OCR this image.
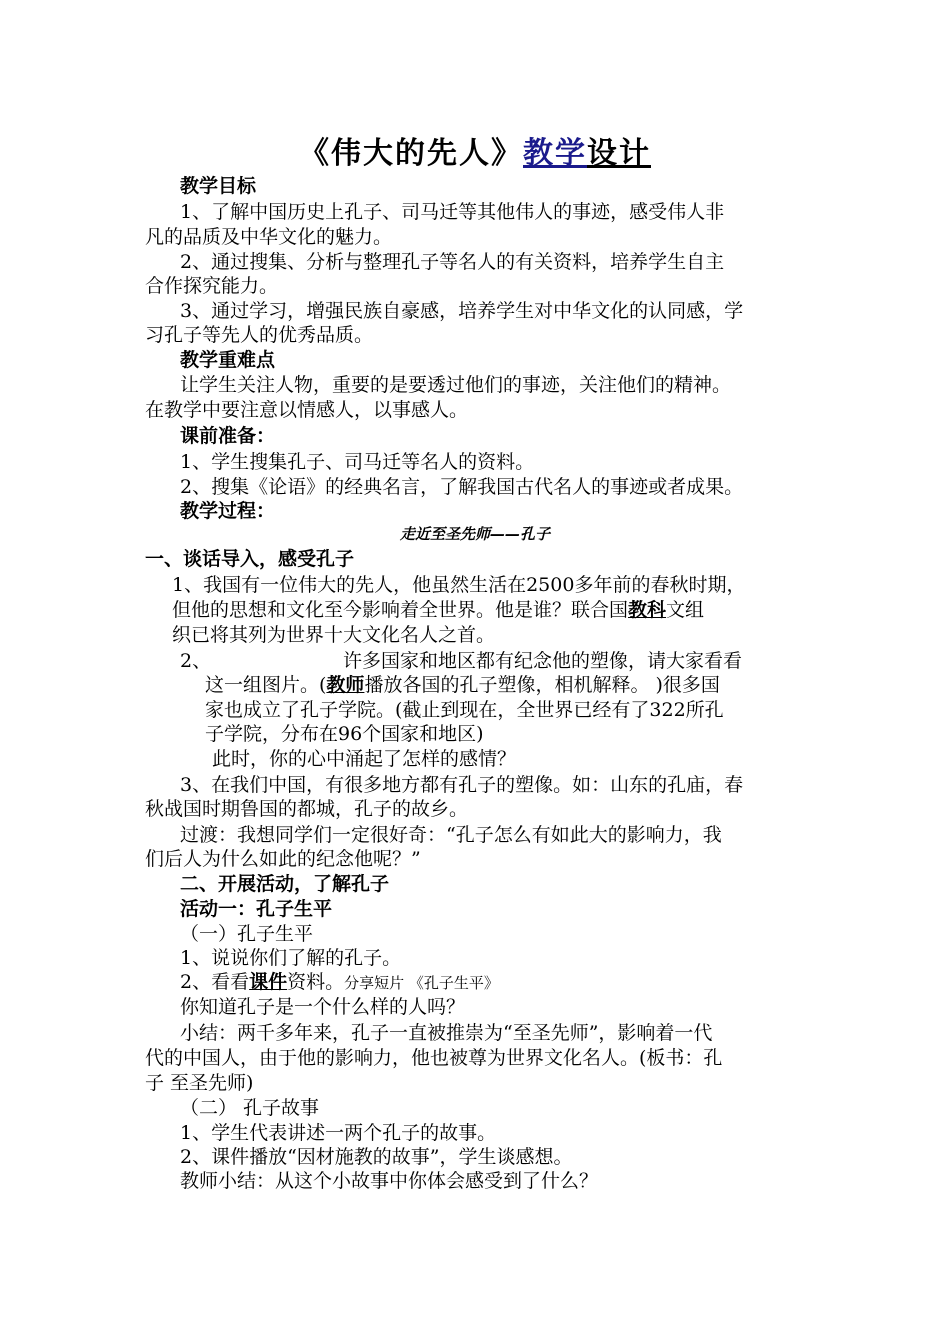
《伟大的先人》教学设计
教学目标
1、了解中国历史上孔子、司马迁等其他伟人的事迹，感受伟人非
凡的品质及中华文化的魅力。
2、通过搜集、分析与整理孔子等名人的有关资料，培养学生自主
合作探究能力。
3、通过学习，增强民族自豪感，培养学生对中华文化的认同感，学
习孔子等先人的优秀品质。
教学重难点
让学生关注人物，重要的是要透过他们的事迹，关注他们的精神。
在教学中要注意以情感人，以事感人。
课前准备：
1、学生搜集孔子、司马迁等名人的资料。
2、搜集《论语》的经典名言，了解我国古代名人的事迹或者成果。
教学过程：
走近至圣先师——孔子
一、谈话导入，感受孔子
1、我国有一位伟大的先人，他虽然生活在2500多年前的春秋时期，
但他的思想和文化至今影响着全世界。他是谁？联合国教科文组
织已将其列为世界十大文化名人之首。
2、	许多国家和地区都有纪念他的塑像，请大家看看
这一组图片。(教师播放各国的孔子塑像，相机解释。 )很多国
家也成立了孔子学院。(截止到现在，全世界已经有了322所孔
子学院，分布在96个国家和地区)
此时，你的心中涌起了怎样的感情？
3、在我们中国，有很多地方都有孔子的塑像。如：山东的孔庙，春
秋战国时期鲁国的都城，孔子的故乡。
过渡：我想同学们一定很好奇：“孔子怎么有如此大的影响力，我
们后人为什么如此的纪念他呢？”
二、开展活动，了解孔子
活动一：孔子生平
（一）孔子生平
1、说说你们了解的孔子。
2、看看课件资料。分享短片 《孔子生平》
你知道孔子是一个什么样的人吗？
小结：两千多年来，孔子一直被推崇为“至圣先师”，影响着一代
代的中国人，由于他的影响力，他也被尊为世界文化名人。(板书：孔
子 至圣先师)
（二） 孔子故事
1、学生代表讲述一两个孔子的故事。
2、课件播放“因材施教的故事”，学生谈感想。
教师小结：从这个小故事中你体会感受到了什么？
